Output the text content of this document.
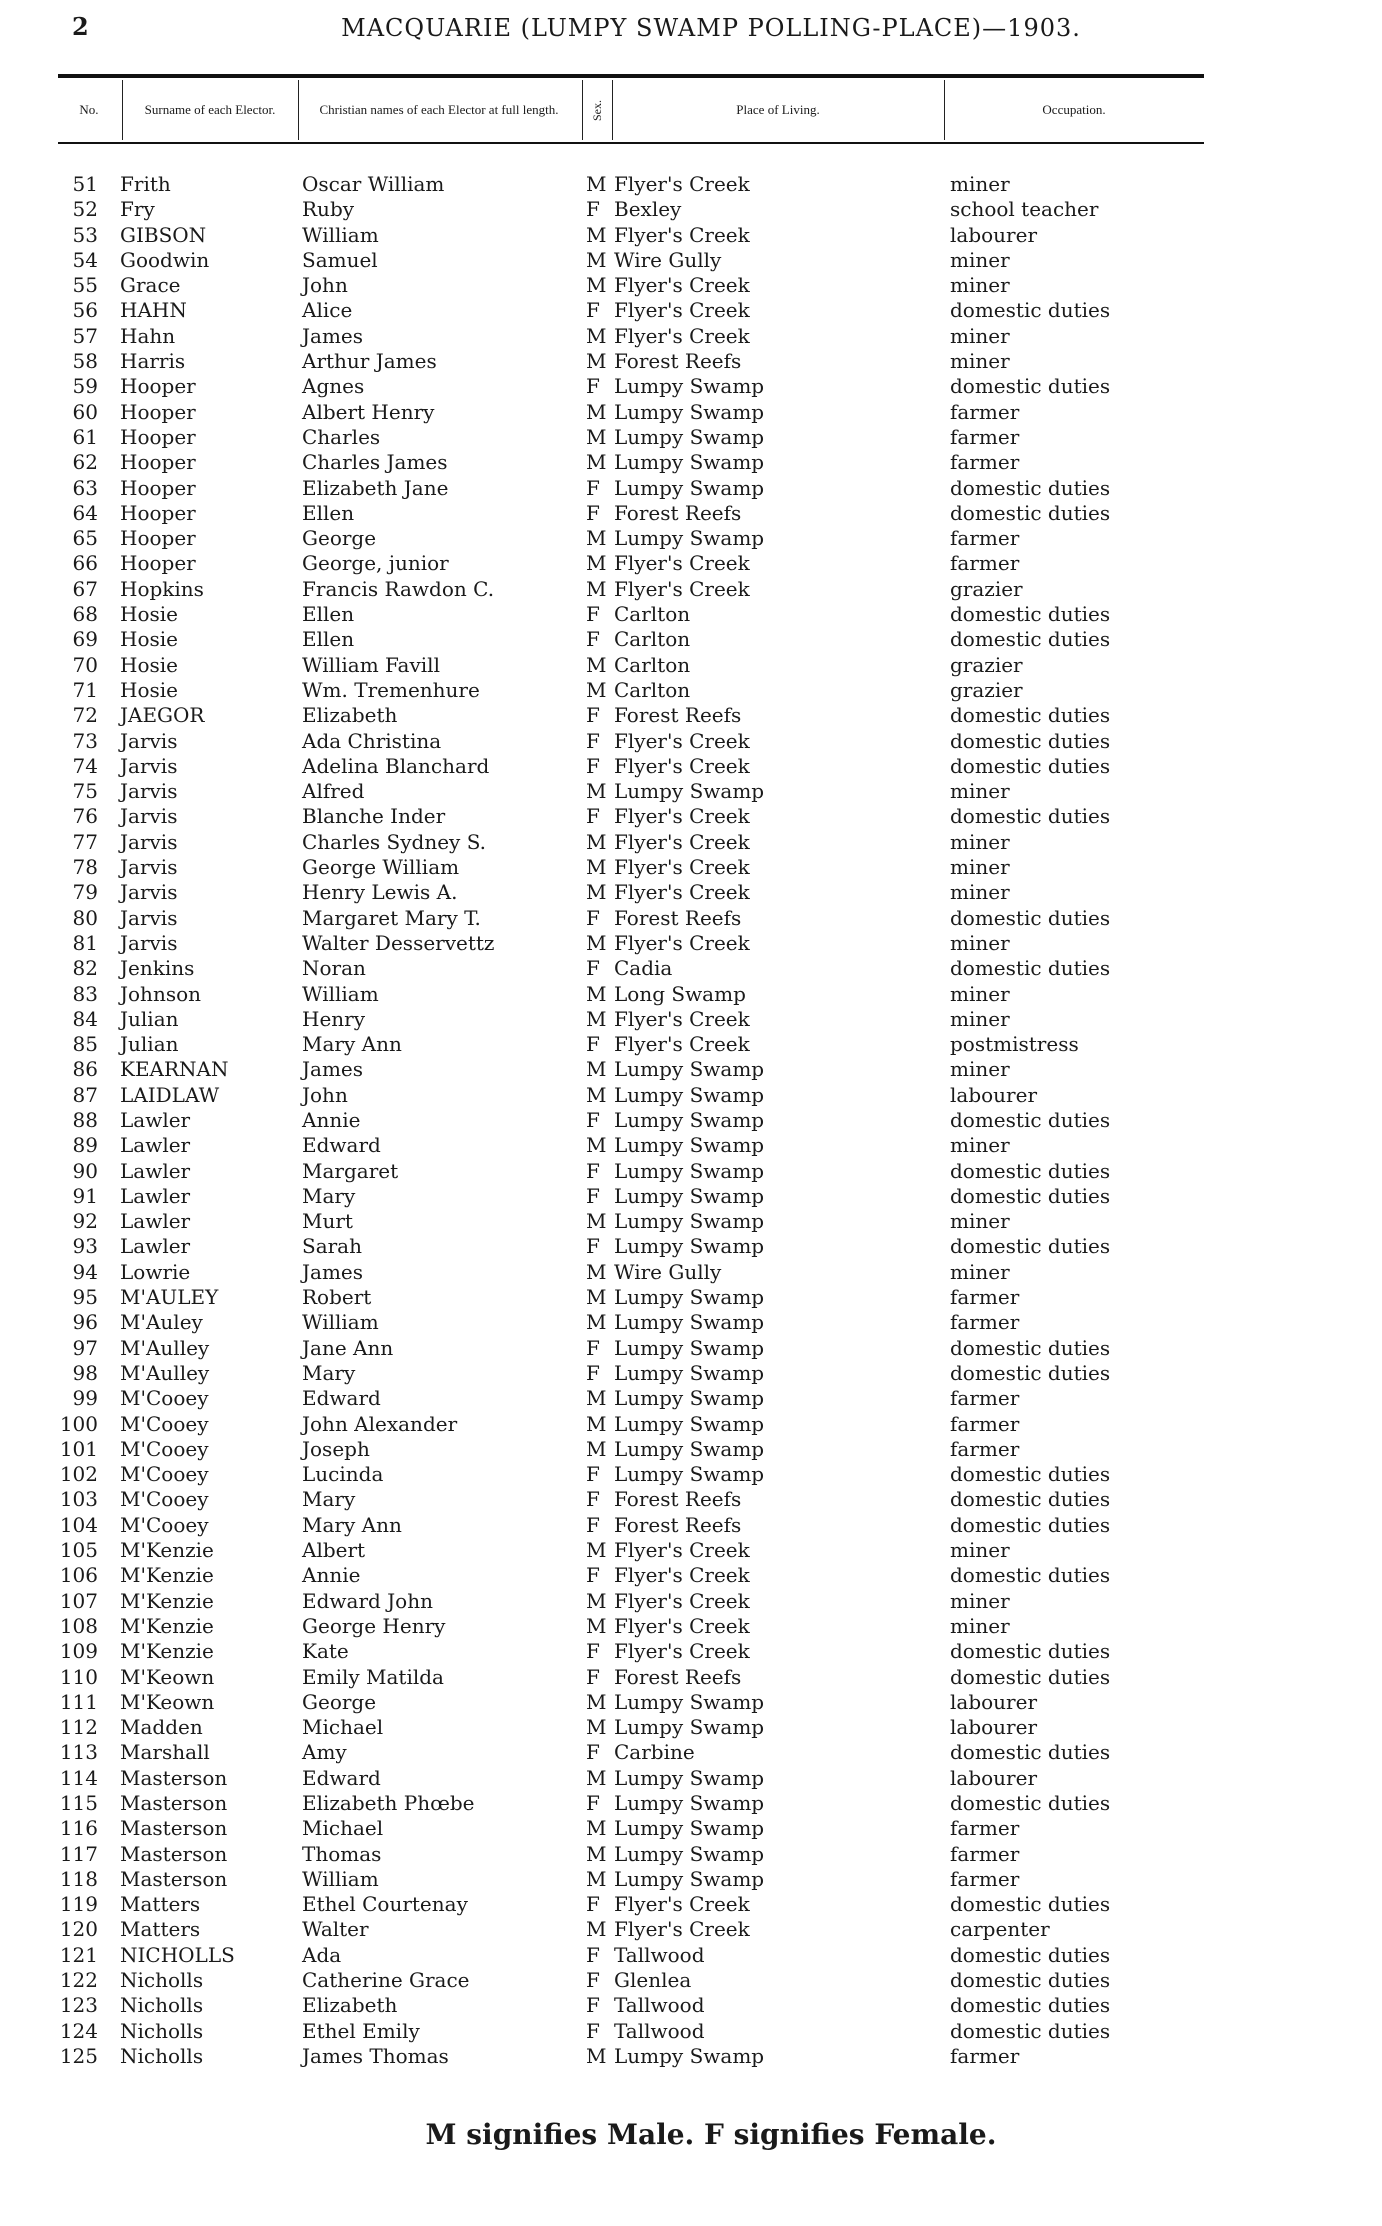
2	MACQUARIE (LUMPY SWAMP POLLING-PLACE)—1903.
No.	Surname of each Elector.	Christian names of each Elector at full length.	Sex.	Place of Living.	Occupation.
51 Frith	Oscar William	M Flyer's Creek	miner
52 Fry	Ruby	F Bexley	school teacher
53 GIBSON	William	M Flyer's Creek	labourer
54 Goodwin	Samuel	M Wire Gully	miner
55 Grace	John	M Flyer's Creek	miner
56 HAHN	Alice	F Flyer's Creek	domestic duties
57 Hahn	James	M Flyer's Creek	miner
58 Harris	Arthur James	M Forest Reefs	miner
59 Hooper	Agnes	F Lumpy Swamp	domestic duties
60 Hooper	Albert Henry	M Lumpy Swamp	farmer
61 Hooper	Charles	M Lumpy Swamp	farmer
62 Hooper	Charles James	M Lumpy Swamp	farmer
63 Hooper	Elizabeth Jane	F Lumpy Swamp	domestic duties
64 Hooper	Ellen	F Forest Reefs	domestic duties
65 Hooper	George	M Lumpy Swamp	farmer
66 Hooper	George, junior	M Flyer's Creek	farmer
67 Hopkins	Francis Rawdon C.	M Flyer's Creek	grazier
68 Hosie	Ellen	F Carlton	domestic duties
69 Hosie	Ellen	F Carlton	domestic duties
70 Hosie	William Favill	M Carlton	grazier
71 Hosie	Wm. Tremenhure	M Carlton	grazier
72 JAEGOR	Elizabeth	F Forest Reefs	domestic duties
73 Jarvis	Ada Christina	F Flyer's Creek	domestic duties
74 Jarvis	Adelina Blanchard	F Flyer's Creek	domestic duties
75 Jarvis	Alfred	M Lumpy Swamp	miner
76 Jarvis	Blanche Inder	F Flyer's Creek	domestic duties
77 Jarvis	Charles Sydney S.	M Flyer's Creek	miner
78 Jarvis	George William	M Flyer's Creek	miner
79 Jarvis	Henry Lewis A.	M Flyer's Creek	miner
80 Jarvis	Margaret Mary T.	F Forest Reefs	domestic duties
81 Jarvis	Walter Desservettz	M Flyer's Creek	miner
82 Jenkins	Noran	F Cadia	domestic duties
83 Johnson	William	M Long Swamp	miner
84 Julian	Henry	M Flyer's Creek	miner
85 Julian	Mary Ann	F Flyer's Creek	postmistress
86 KEARNAN	James	M Lumpy Swamp	miner
87 LAIDLAW	John	M Lumpy Swamp	labourer
88 Lawler	Annie	F Lumpy Swamp	domestic duties
89 Lawler	Edward	M Lumpy Swamp	miner
90 Lawler	Margaret	F Lumpy Swamp	domestic duties
91 Lawler	Mary	F Lumpy Swamp	domestic duties
92 Lawler	Murt	M Lumpy Swamp	miner
93 Lawler	Sarah	F Lumpy Swamp	domestic duties
94 Lowrie	James	M Wire Gully	miner
95 M'AULEY	Robert	M Lumpy Swamp	farmer
96 M'Auley	William	M Lumpy Swamp	farmer
97 M'Aulley	Jane Ann	F Lumpy Swamp	domestic duties
98 M'Aulley	Mary	F Lumpy Swamp	domestic duties
99 M'Cooey	Edward	M Lumpy Swamp	farmer
100 M'Cooey	John Alexander	M Lumpy Swamp	farmer
101 M'Cooey	Joseph	M Lumpy Swamp	farmer
102 M'Cooey	Lucinda	F Lumpy Swamp	domestic duties
103 M'Cooey	Mary	F Forest Reefs	domestic duties
104 M'Cooey	Mary Ann	F Forest Reefs	domestic duties
105 M'Kenzie	Albert	M Flyer's Creek	miner
106 M'Kenzie	Annie	F Flyer's Creek	domestic duties
107 M'Kenzie	Edward John	M Flyer's Creek	miner
108 M'Kenzie	George Henry	M Flyer's Creek	miner
109 M'Kenzie	Kate	F Flyer's Creek	domestic duties
110 M'Keown	Emily Matilda	F Forest Reefs	domestic duties
111 M'Keown	George	M Lumpy Swamp	labourer
112 Madden	Michael	M Lumpy Swamp	labourer
113 Marshall	Amy	F Carbine	domestic duties
114 Masterson	Edward	M Lumpy Swamp	labourer
115 Masterson	Elizabeth Phœbe	F Lumpy Swamp	domestic duties
116 Masterson	Michael	M Lumpy Swamp	farmer
117 Masterson	Thomas	M Lumpy Swamp	farmer
118 Masterson	William	M Lumpy Swamp	farmer
119 Matters	Ethel Courtenay	F Flyer's Creek	domestic duties
120 Matters	Walter	M Flyer's Creek	carpenter
121 NICHOLLS	Ada	F Tallwood	domestic duties
122 Nicholls	Catherine Grace	F Glenlea	domestic duties
123 Nicholls	Elizabeth	F Tallwood	domestic duties
124 Nicholls	Ethel Emily	F Tallwood	domestic duties
125 Nicholls	James Thomas	M Lumpy Swamp	farmer
M signifies Male. F signifies Female.
